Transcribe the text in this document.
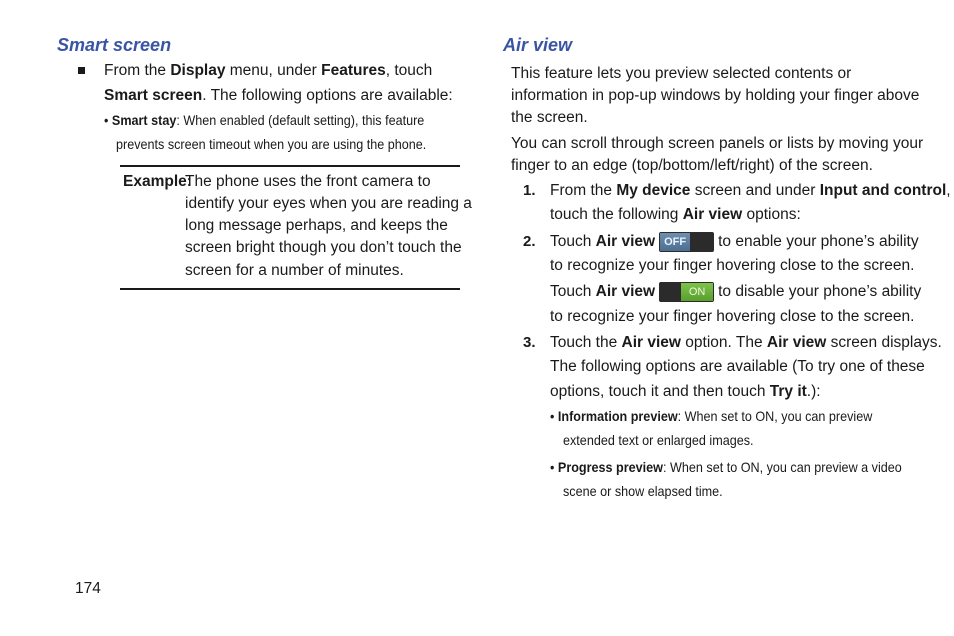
Smart screen
From the Display menu, under Features, touch
Smart screen. The following options are available:
• Smart stay: When enabled (default setting), this feature
prevents screen timeout when you are using the phone.
Example:
The phone uses the front camera to
identify your eyes when you are reading a
long message perhaps, and keeps the
screen bright though you don’t touch the
screen for a number of minutes.
Air view
This feature lets you preview selected contents or
information in pop-up windows by holding your finger above
the screen.
You can scroll through screen panels or lists by moving your
finger to an edge (top/bottom/left/right) of the screen.
1. From the My device screen and under Input and control,
touch the following Air view options:
2. Touch Air view OFF to enable your phone’s ability
to recognize your finger hovering close to the screen.
Touch Air view	ON to disable your phone’s ability
to recognize your finger hovering close to the screen.
3. Touch the Air view option. The Air view screen displays.
The following options are available (To try one of these
options, touch it and then touch Try it.):
• Information preview: When set to ON, you can preview
extended text or enlarged images.
• Progress preview: When set to ON, you can preview a video
scene or show elapsed time.
174
